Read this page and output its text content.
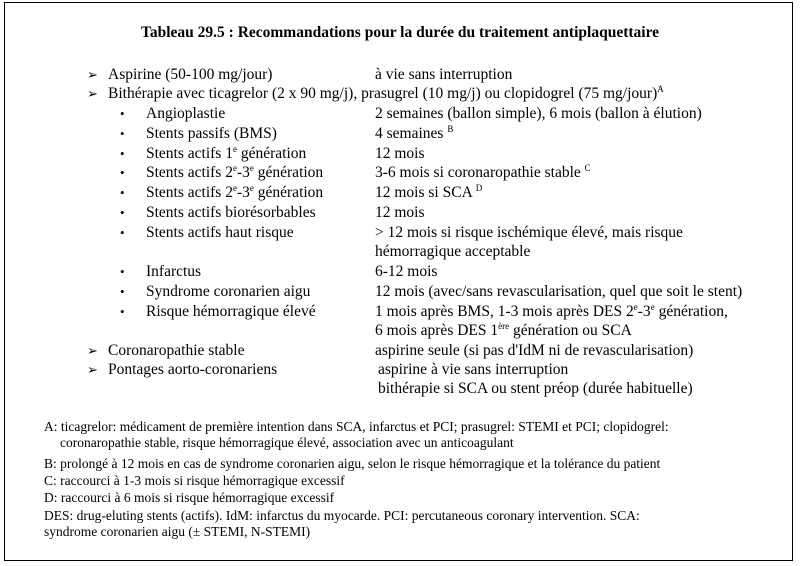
Tableau 29.5 : Recommandations pour la durée du traitement antiplaquettaire
➢ Aspirine (50-100 mg/jour)	à vie sans interruption
➢ Bithérapie avec ticagrelor (2 x 90 mg/j), prasugrel (10 mg/j) ou clopidogrel (75 mg/jour)$^A$
• Angioplastie	2 semaines (ballon simple), 6 mois (ballon à élution)
• Stents passifs (BMS)	4 semaines $^B$
• Stents actifs 1e génération	12 mois
• Stents actifs 2e-3e génération	3-6 mois si coronaropathie stable $^C$
• Stents actifs 2e-3e génération	12 mois si SCA $^D$
• Stents actifs biorésorbables	12 mois
• Stents actifs haut risque	> 12 mois si risque ischémique élevé, mais risque
hémorragique acceptable
• Infarctus	6-12 mois
• Syndrome coronarien aigu	12 mois (avec/sans revascularisation, quel que soit le stent)
• Risque hémorragique élevé	1 mois après BMS, 1-3 mois après DES 2e-3e génération,
6 mois après DES 1ère génération ou SCA
➢ Coronaropathie stable	aspirine seule (si pas d'IdM ni de revascularisation)
➢ Pontages aorto-coronariens	aspirine à vie sans interruption
bithérapie si SCA ou stent préop (durée habituelle)
A: ticagrelor: médicament de première intention dans SCA, infarctus et PCI; prasugrel: STEMI et PCI; clopidogrel:
coronaropathie stable, risque hémorragique élevé, association avec un anticoagulant
B: prolongé à 12 mois en cas de syndrome coronarien aigu, selon le risque hémorragique et la tolérance du patient
C: raccourci à 1-3 mois si risque hémorragique excessif
D: raccourci à 6 mois si risque hémorragique excessif
DES: drug-eluting stents (actifs). IdM: infarctus du myocarde. PCI: percutaneous coronary intervention. SCA:
syndrome coronarien aigu (± STEMI, N-STEMI)
